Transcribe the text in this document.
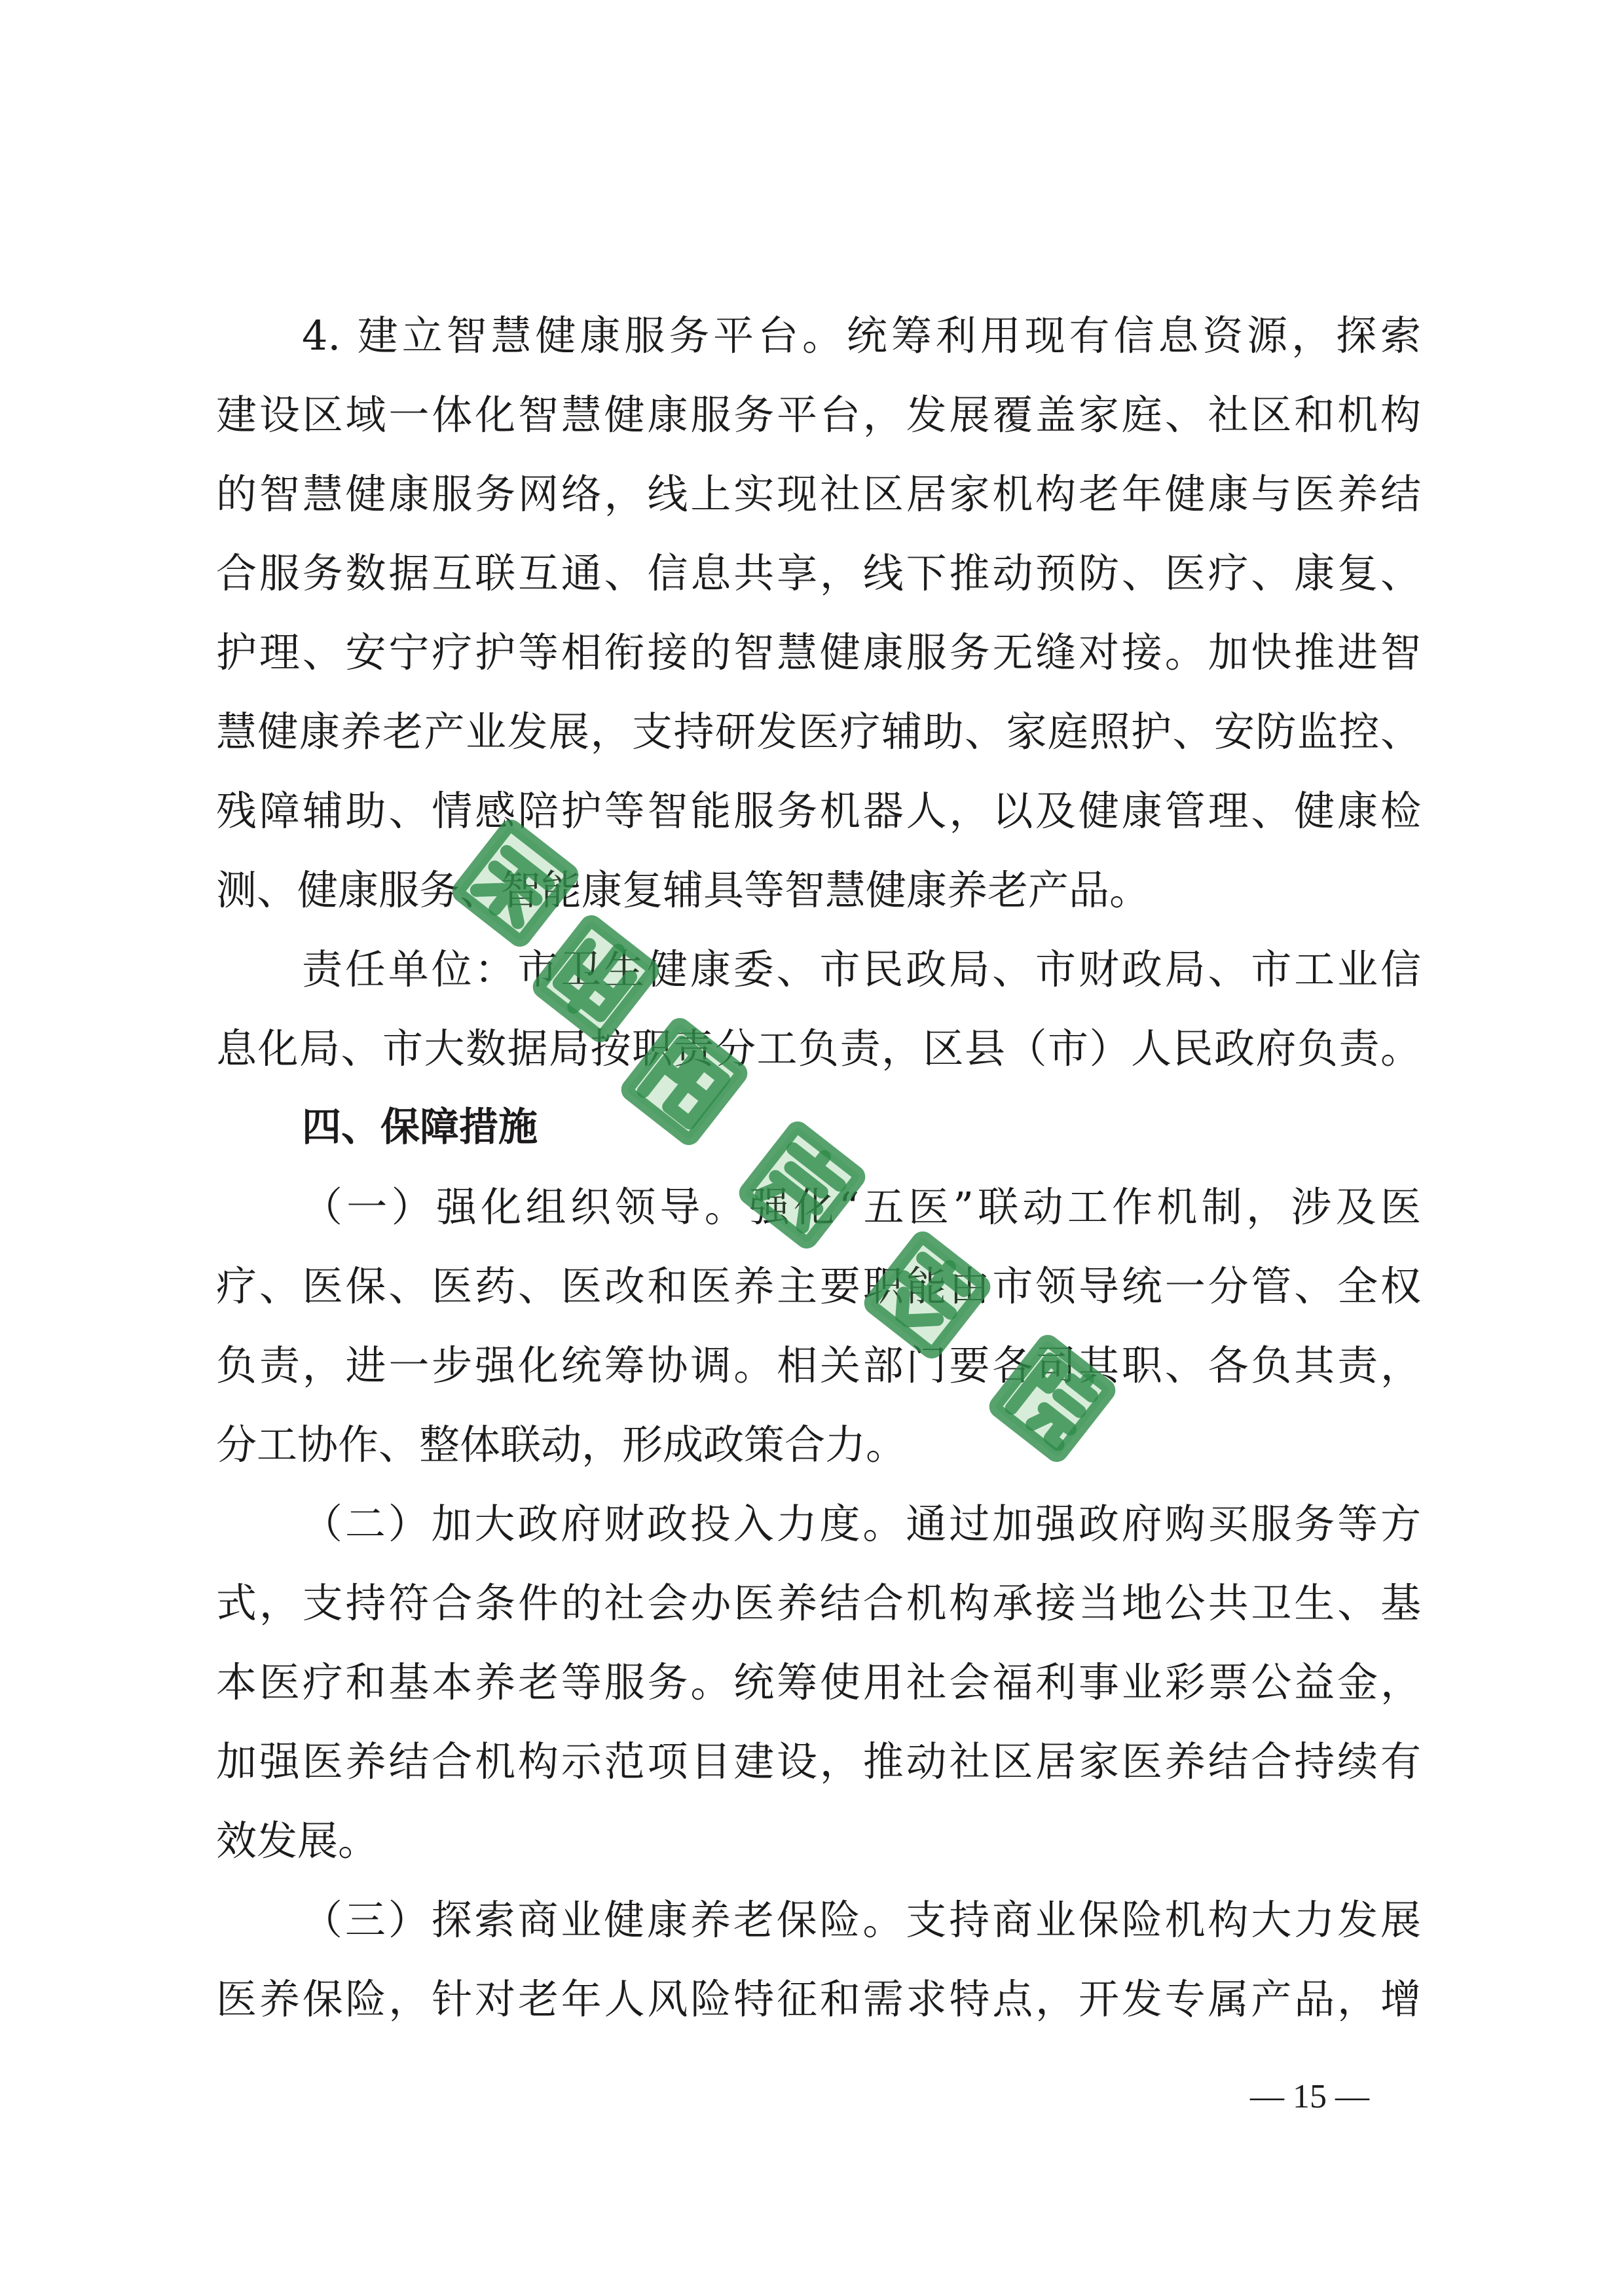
4. 建立智慧健康服务平台。统筹利用现有信息资源，探索
建设区域一体化智慧健康服务平台，发展覆盖家庭、社区和机构
的智慧健康服务网络，线上实现社区居家机构老年健康与医养结
合服务数据互联互通、信息共享，线下推动预防、医疗、康复、
护理、安宁疗护等相衔接的智慧健康服务无缝对接。加快推进智
慧健康养老产业发展，支持研发医疗辅助、家庭照护、安防监控、
残障辅助、情感陪护等智能服务机器人，以及健康管理、健康检
测、健康服务、智能康复辅具等智慧健康养老产品。
责任单位：市卫生健康委、市民政局、市财政局、市工业信
息化局、市大数据局按职责分工负责，区县（市）人民政府负责。
四、保障措施
（一）强化组织领导。强化“五医”联动工作机制，涉及医
疗、医保、医药、医改和医养主要职能由市领导统一分管、全权
负责，进一步强化统筹协调。相关部门要各司其职、各负其责，
分工协作、整体联动，形成政策合力。
（二）加大政府财政投入力度。通过加强政府购买服务等方
式，支持符合条件的社会办医养结合机构承接当地公共卫生、基
本医疗和基本养老等服务。统筹使用社会福利事业彩票公益金，
加强医养结合机构示范项目建设，推动社区居家医养结合持续有
效发展。
（三）探索商业健康养老保险。支持商业保险机构大力发展
医养保险，针对老年人风险特征和需求特点，开发专属产品，增
— 15 —
